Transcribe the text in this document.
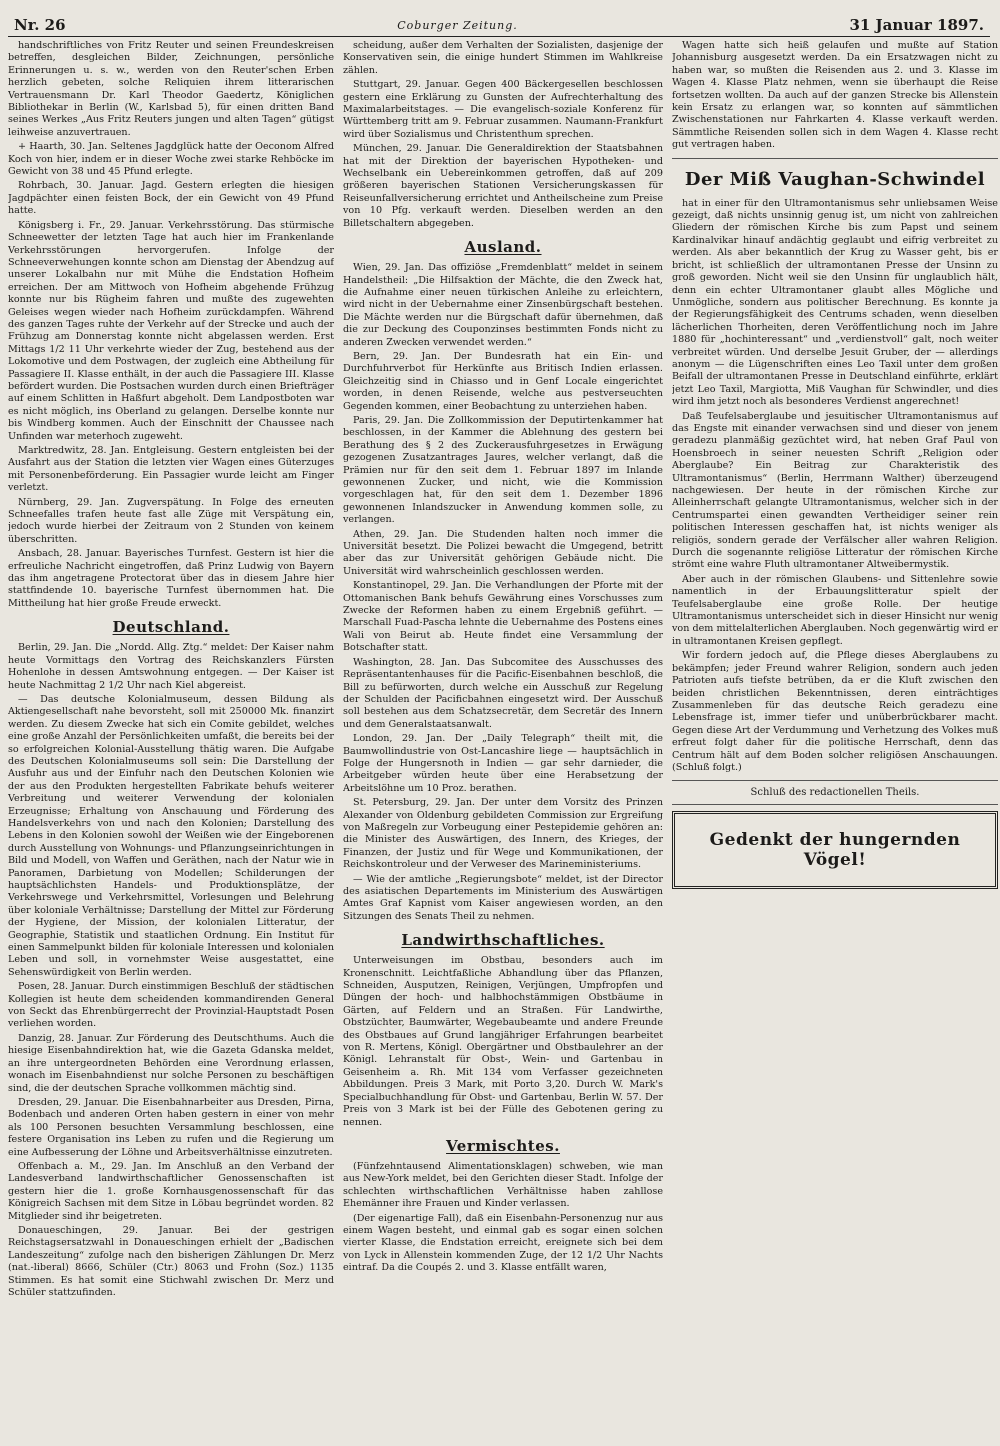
Nr. 26	Coburger Zeitung.	31 Januar 1897.

handschriftliches von Fritz Reuter und seinen Freundeskreisen betreffen, desgleichen Bilder, Zeichnungen, persönliche Erinnerungen u. s. w., werden von den Reuter'schen Erben herzlich gebeten, solche Reliquien ihrem litterarischen Vertrauensmann Dr. Karl Theodor Gaedertz, Königlichen Bibliothekar in Berlin (W., Karlsbad 5), für einen dritten Band seines Werkes „Aus Fritz Reuters jungen und alten Tagen“ gütigst leihweise anzuvertrauen.

+ Haarth, 30. Jan. Seltenes Jagdglück hatte der Oeconom Alfred Koch von hier, indem er in dieser Woche zwei starke Rehböcke im Gewicht von 38 und 45 Pfund erlegte.

Rohrbach, 30. Januar. Jagd. Gestern erlegten die hiesigen Jagdpächter einen feisten Bock, der ein Gewicht von 49 Pfund hatte.

Königsberg i. Fr., 29. Januar. Verkehrsstörung. Das stürmische Schneewetter der letzten Tage hat auch hier im Frankenlande Verkehrsstörungen hervorgerufen. Infolge der Schneeverwehungen konnte schon am Dienstag der Abendzug auf unserer Lokalbahn nur mit Mühe die Endstation Hofheim erreichen. Der am Mittwoch von Hofheim abgehende Frühzug konnte nur bis Rügheim fahren und mußte des zugewehten Geleises wegen wieder nach Hofheim zurückdampfen. Während des ganzen Tages ruhte der Verkehr auf der Strecke und auch der Frühzug am Donnerstag konnte nicht abgelassen werden. Erst Mittags 1/2 11 Uhr verkehrte wieder der Zug, bestehend aus der Lokomotive und dem Postwagen, der zugleich eine Abtheilung für Passagiere II. Klasse enthält, in der auch die Passagiere III. Klasse befördert wurden. Die Postsachen wurden durch einen Briefträger auf einem Schlitten in Haßfurt abgeholt. Dem Landpostboten war es nicht möglich, ins Oberland zu gelangen. Derselbe konnte nur bis Windberg kommen. Auch der Einschnitt der Chaussee nach Unfinden war meterhoch zugeweht.

Marktredwitz, 28. Jan. Entgleisung. Gestern entgleisten bei der Ausfahrt aus der Station die letzten vier Wagen eines Güterzuges mit Personenbeförderung. Ein Passagier wurde leicht am Finger verletzt.

Nürnberg, 29. Jan. Zugverspätung. In Folge des erneuten Schneefalles trafen heute fast alle Züge mit Verspätung ein, jedoch wurde hierbei der Zeitraum von 2 Stunden von keinem überschritten.

Ansbach, 28. Januar. Bayerisches Turnfest. Gestern ist hier die erfreuliche Nachricht eingetroffen, daß Prinz Ludwig von Bayern das ihm angetragene Protectorat über das in diesem Jahre hier stattfindende 10. bayerische Turnfest übernommen hat. Die Mittheilung hat hier große Freude erweckt.

Deutschland.

Berlin, 29. Jan. Die „Nordd. Allg. Ztg.“ meldet: Der Kaiser nahm heute Vormittags den Vortrag des Reichskanzlers Fürsten Hohenlohe in dessen Amtswohnung entgegen. — Der Kaiser ist heute Nachmittag 2 1/2 Uhr nach Kiel abgereist.

— Das deutsche Kolonialmuseum, dessen Bildung als Aktiengesellschaft nahe bevorsteht, soll mit 250000 Mk. finanzirt werden. Zu diesem Zwecke hat sich ein Comite gebildet, welches eine große Anzahl der Persönlichkeiten umfaßt, die bereits bei der so erfolgreichen Kolonial-Ausstellung thätig waren. Die Aufgabe des Deutschen Kolonialmuseums soll sein: Die Darstellung der Ausfuhr aus und der Einfuhr nach den Deutschen Kolonien wie der aus den Produkten hergestellten Fabrikate behufs weiterer Verbreitung und weiterer Verwendung der kolonialen Erzeugnisse; Erhaltung von Anschauung und Förderung des Handelsverkehrs von und nach den Kolonien; Darstellung des Lebens in den Kolonien sowohl der Weißen wie der Eingeborenen durch Ausstellung von Wohnungs- und Pflanzungseinrichtungen in Bild und Modell, von Waffen und Geräthen, nach der Natur wie in Panoramen, Darbietung von Modellen; Schilderungen der hauptsächlichsten Handels- und Produktionsplätze, der Verkehrswege und Verkehrsmittel, Vorlesungen und Belehrung über koloniale Verhältnisse; Darstellung der Mittel zur Förderung der Hygiene, der Mission, der kolonialen Litteratur, der Geographie, Statistik und staatlichen Ordnung. Ein Institut für einen Sammelpunkt bilden für koloniale Interessen und kolonialen Leben und soll, in vornehmster Weise ausgestattet, eine Sehenswürdigkeit von Berlin werden.

Posen, 28. Januar. Durch einstimmigen Beschluß der städtischen Kollegien ist heute dem scheidenden kommandirenden General von Seckt das Ehrenbürgerrecht der Provinzial-Hauptstadt Posen verliehen worden.

Danzig, 28. Januar. Zur Förderung des Deutschthums. Auch die hiesige Eisenbahndirektion hat, wie die Gazeta Gdanska meldet, an ihre untergeordneten Behörden eine Verordnung erlassen, wonach im Eisenbahndienst nur solche Personen zu beschäftigen sind, die der deutschen Sprache vollkommen mächtig sind.

Dresden, 29. Januar. Die Eisenbahnarbeiter aus Dresden, Pirna, Bodenbach und anderen Orten haben gestern in einer von mehr als 100 Personen besuchten Versammlung beschlossen, eine festere Organisation ins Leben zu rufen und die Regierung um eine Aufbesserung der Löhne und Arbeitsverhältnisse einzutreten.

Offenbach a. M., 29. Jan. Im Anschluß an den Verband der Landesverband landwirthschaftlicher Genossenschaften ist gestern hier die 1. große Kornhausgenossenschaft für das Königreich Sachsen mit dem Sitze in Löbau begründet worden. 82 Mitglieder sind ihr beigetreten.

Donaueschingen, 29. Januar. Bei der gestrigen Reichstagsersatzwahl in Donaueschingen erhielt der „Badischen Landeszeitung“ zufolge nach den bisherigen Zählungen Dr. Merz (nat.-liberal) 8666, Schüler (Ctr.) 8063 und Frohn (Soz.) 1135 Stimmen. Es hat somit eine Stichwahl zwischen Dr. Merz und Schüler stattzufinden.

scheidung, außer dem Verhalten der Sozialisten, dasjenige der Konservativen sein, die einige hundert Stimmen im Wahlkreise zählen.

Stuttgart, 29. Januar. Gegen 400 Bäckergesellen beschlossen gestern eine Erklärung zu Gunsten der Aufrechterhaltung des Maximalarbeitstages. — Die evangelisch-soziale Konferenz für Württemberg tritt am 9. Februar zusammen. Naumann-Frankfurt wird über Sozialismus und Christenthum sprechen.

München, 29. Januar. Die Generaldirektion der Staatsbahnen hat mit der Direktion der bayerischen Hypotheken- und Wechselbank ein Uebereinkommen getroffen, daß auf 209 größeren bayerischen Stationen Versicherungskassen für Reiseunfallversicherung errichtet und Antheilscheine zum Preise von 10 Pfg. verkauft werden. Dieselben werden an den Billetschaltern abgegeben.

Ausland.

Wien, 29. Jan. Das offiziöse „Fremdenblatt“ meldet in seinem Handelstheil: „Die Hilfsaktion der Mächte, die den Zweck hat, die Aufnahme einer neuen türkischen Anleihe zu erleichtern, wird nicht in der Uebernahme einer Zinsenbürgschaft bestehen. Die Mächte werden nur die Bürgschaft dafür übernehmen, daß die zur Deckung des Couponzinses bestimmten Fonds nicht zu anderen Zwecken verwendet werden.“

Bern, 29. Jan. Der Bundesrath hat ein Ein- und Durchfuhrverbot für Herkünfte aus Britisch Indien erlassen. Gleichzeitig sind in Chiasso und in Genf Locale eingerichtet worden, in denen Reisende, welche aus pestverseuchten Gegenden kommen, einer Beobachtung zu unterziehen haben.

Paris, 29. Jan. Die Zollkommission der Deputirtenkammer hat beschlossen, in der Kammer die Ablehnung des gestern bei Berathung des § 2 des Zuckerausfuhrgesetzes in Erwägung gezogenen Zusatzantrages Jaures, welcher verlangt, daß die Prämien nur für den seit dem 1. Februar 1897 im Inlande gewonnenen Zucker, und nicht, wie die Kommission vorgeschlagen hat, für den seit dem 1. Dezember 1896 gewonnenen Inlandszucker in Anwendung kommen solle, zu verlangen.

Athen, 29. Jan. Die Studenden halten noch immer die Universität besetzt. Die Polizei bewacht die Umgegend, betritt aber das zur Universität gehörigen Gebäude nicht. Die Universität wird wahrscheinlich geschlossen werden.

Konstantinopel, 29. Jan. Die Verhandlungen der Pforte mit der Ottomanischen Bank behufs Gewährung eines Vorschusses zum Zwecke der Reformen haben zu einem Ergebniß geführt. — Marschall Fuad-Pascha lehnte die Uebernahme des Postens eines Wali von Beirut ab. Heute findet eine Versammlung der Botschafter statt.

Washington, 28. Jan. Das Subcomitee des Ausschusses des Repräsentantenhauses für die Pacific-Eisenbahnen beschloß, die Bill zu befürworten, durch welche ein Ausschuß zur Regelung der Schulden der Pacificbahnen eingesetzt wird. Der Ausschuß soll bestehen aus dem Schatzsecretär, dem Secretär des Innern und dem Generalstaatsanwalt.

London, 29. Jan. Der „Daily Telegraph“ theilt mit, die Baumwollindustrie von Ost-Lancashire liege — hauptsächlich in Folge der Hungersnoth in Indien — gar sehr darnieder, die Arbeitgeber würden heute über eine Herabsetzung der Arbeitslöhne um 10 Proz. berathen.

St. Petersburg, 29. Jan. Der unter dem Vorsitz des Prinzen Alexander von Oldenburg gebildeten Commission zur Ergreifung von Maßregeln zur Vorbeugung einer Pestepidemie gehören an: die Minister des Auswärtigen, des Innern, des Krieges, der Finanzen, der Justiz und für Wege und Kommunikationen, der Reichskontroleur und der Verweser des Marineministeriums.

— Wie der amtliche „Regierungsbote“ meldet, ist der Director des asiatischen Departements im Ministerium des Auswärtigen Amtes Graf Kapnist vom Kaiser angewiesen worden, an den Sitzungen des Senats Theil zu nehmen.

Landwirthschaftliches.

Unterweisungen im Obstbau, besonders auch im Kronenschnitt. Leichtfaßliche Abhandlung über das Pflanzen, Schneiden, Ausputzen, Reinigen, Verjüngen, Umpfropfen und Düngen der hoch- und halbhochstämmigen Obstbäume in Gärten, auf Feldern und an Straßen. Für Landwirthe, Obstzüchter, Baumwärter, Wegebaubeamte und andere Freunde des Obstbaues auf Grund langjähriger Erfahrungen bearbeitet von R. Mertens, Königl. Obergärtner und Obstbaulehrer an der Königl. Lehranstalt für Obst-, Wein- und Gartenbau in Geisenheim a. Rh. Mit 134 vom Verfasser gezeichneten Abbildungen. Preis 3 Mark, mit Porto 3,20. Durch W. Mark's Specialbuchhandlung für Obst- und Gartenbau, Berlin W. 57. Der Preis von 3 Mark ist bei der Fülle des Gebotenen gering zu nennen.

Vermischtes.

(Fünfzehntausend Alimentationsklagen) schweben, wie man aus New-York meldet, bei den Gerichten dieser Stadt. Infolge der schlechten wirthschaftlichen Verhältnisse haben zahllose Ehemänner ihre Frauen und Kinder verlassen.

(Der eigenartige Fall), daß ein Eisenbahn-Personenzug nur aus einem Wagen besteht, und einmal gab es sogar einen solchen vierter Klasse, die Endstation erreicht, ereignete sich bei dem von Lyck in Allenstein kommenden Zuge, der 12 1/2 Uhr Nachts eintraf. Da die Coupés 2. und 3. Klasse entfällt waren,

Wagen hatte sich heiß gelaufen und mußte auf Station Johannisburg ausgesetzt werden. Da ein Ersatzwagen nicht zu haben war, so mußten die Reisenden aus 2. und 3. Klasse im Wagen 4. Klasse Platz nehmen, wenn sie überhaupt die Reise fortsetzen wollten. Da auch auf der ganzen Strecke bis Allenstein kein Ersatz zu erlangen war, so konnten auf sämmtlichen Zwischenstationen nur Fahrkarten 4. Klasse verkauft werden. Sämmtliche Reisenden sollen sich in dem Wagen 4. Klasse recht gut vertragen haben.

Der Miß Vaughan-Schwindel

hat in einer für den Ultramontanismus sehr unliebsamen Weise gezeigt, daß nichts unsinnig genug ist, um nicht von zahlreichen Gliedern der römischen Kirche bis zum Papst und seinem Kardinalvikar hinauf andächtig geglaubt und eifrig verbreitet zu werden. Als aber bekanntlich der Krug zu Wasser geht, bis er bricht, ist schließlich der ultramontanen Presse der Unsinn zu groß geworden. Nicht weil sie den Unsinn für unglaublich hält, denn ein echter Ultramontaner glaubt alles Mögliche und Unmögliche, sondern aus politischer Berechnung. Es konnte ja der Regierungsfähigkeit des Centrums schaden, wenn dieselben lächerlichen Thorheiten, deren Veröffentlichung noch im Jahre 1880 für „hochinteressant“ und „verdienstvoll“ galt, noch weiter verbreitet würden. Und derselbe Jesuit Gruber, der — allerdings anonym — die Lügenschriften eines Leo Taxil unter dem großen Beifall der ultramontanen Presse in Deutschland einführte, erklärt jetzt Leo Taxil, Margiotta, Miß Vaughan für Schwindler, und dies wird ihm jetzt noch als besonderes Verdienst angerechnet!

Daß Teufelsaberglaube und jesuitischer Ultramontanismus auf das Engste mit einander verwachsen sind und dieser von jenem geradezu planmäßig gezüchtet wird, hat neben Graf Paul von Hoensbroech in seiner neuesten Schrift „Religion oder Aberglaube? Ein Beitrag zur Charakteristik des Ultramontanismus“ (Berlin, Herrmann Walther) überzeugend nachgewiesen. Der heute in der römischen Kirche zur Alleinherrschaft gelangte Ultramontanismus, welcher sich in der Centrumspartei einen gewandten Vertheidiger seiner rein politischen Interessen geschaffen hat, ist nichts weniger als religiös, sondern gerade der Verfälscher aller wahren Religion. Durch die sogenannte religiöse Litteratur der römischen Kirche strömt eine wahre Fluth ultramontaner Altweibermystik.

Aber auch in der römischen Glaubens- und Sittenlehre sowie namentlich in der Erbauungslitteratur spielt der Teufelsaberglaube eine große Rolle. Der heutige Ultramontanismus unterscheidet sich in dieser Hinsicht nur wenig von dem mittelalterlichen Aberglauben. Noch gegenwärtig wird er in ultramontanen Kreisen gepflegt.

Wir fordern jedoch auf, die Pflege dieses Aberglaubens zu bekämpfen; jeder Freund wahrer Religion, sondern auch jeden Patrioten aufs tiefste betrüben, da er die Kluft zwischen den beiden christlichen Bekenntnissen, deren einträchtiges Zusammenleben für das deutsche Reich geradezu eine Lebensfrage ist, immer tiefer und unüberbrückbarer macht. Gegen diese Art der Verdummung und Verhetzung des Volkes muß erfreut folgt daher für die politische Herrschaft, denn das Centrum hält auf dem Boden solcher religiösen Anschauungen. (Schluß folgt.)

Schluß des redactionellen Theils.
Gedenkt der hungernden Vögel!
